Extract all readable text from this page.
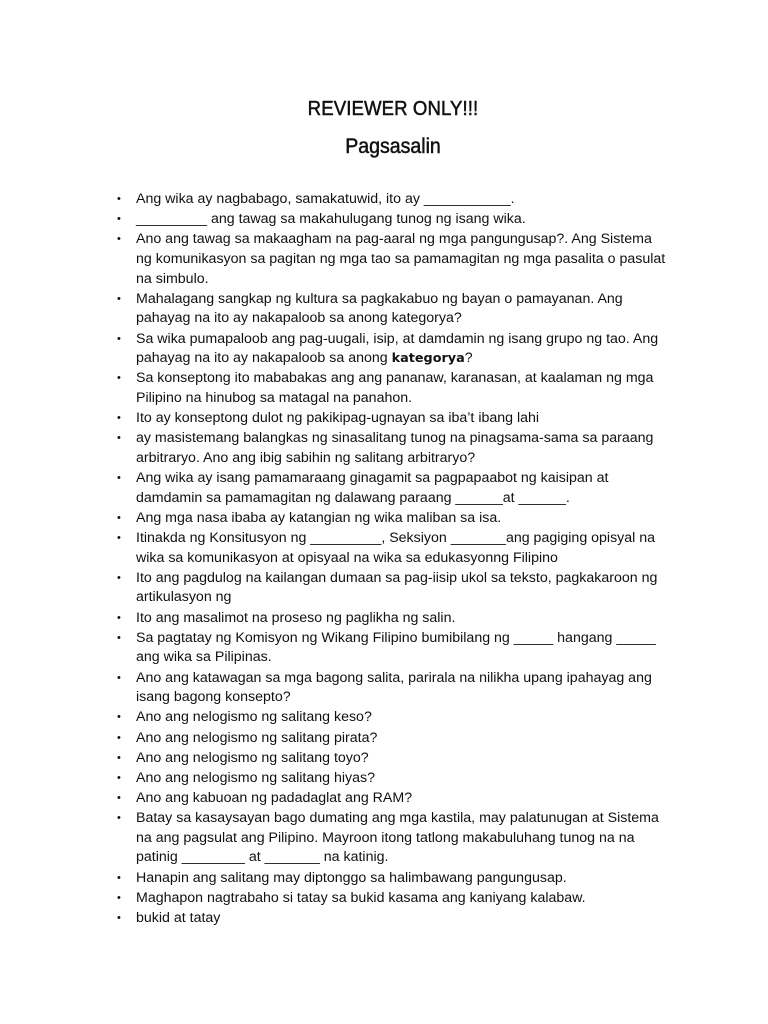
REVIEWER ONLY!!!
Pagsasalin
• Ang wika ay nagbabago, samakatuwid, ito ay ___________.
• _________ ang tawag sa makahulugang tunog ng isang wika.
• Ano ang tawag sa makaagham na pag-aaral ng mga pangungusap?. Ang Sistema ng komunikasyon sa pagitan ng mga tao sa pamamagitan ng mga pasalita o pasulat na simbulo.
• Mahalagang sangkap ng kultura sa pagkakabuo ng bayan o pamayanan. Ang pahayag na ito ay nakapaloob sa anong kategorya?
• Sa wika pumapaloob ang pag-uugali, isip, at damdamin ng isang grupo ng tao. Ang pahayag na ito ay nakapaloob sa anong kategorya?
• Sa konseptong ito mababakas ang ang pananaw, karanasan, at kaalaman ng mga Pilipino na hinubog sa matagal na panahon.
• Ito ay konseptong dulot ng pakikipag-ugnayan sa iba’t ibang lahi
• ay masistemang balangkas ng sinasalitang tunog na pinagsama-sama sa paraang arbitraryo. Ano ang ibig sabihin ng salitang arbitraryo?
• Ang wika ay isang pamamaraang ginagamit sa pagpapaabot ng kaisipan at damdamin sa pamamagitan ng dalawang paraang ______at ______.
• Ang mga nasa ibaba ay katangian ng wika maliban sa isa.
• Itinakda ng Konsitusyon ng _________, Seksiyon _______ang pagiging opisyal na wika sa komunikasyon at opisyaal na wika sa edukasyonng Filipino
• Ito ang pagdulog na kailangan dumaan sa pag-iisip ukol sa teksto, pagkakaroon ng artikulasyon ng
• Ito ang masalimot na proseso ng paglikha ng salin.
• Sa pagtatay ng Komisyon ng Wikang Filipino bumibilang ng _____ hangang _____ ang wika sa Pilipinas.
• Ano ang katawagan sa mga bagong salita, parirala na nilikha upang ipahayag ang isang bagong konsepto?
• Ano ang nelogismo ng salitang keso?
• Ano ang nelogismo ng salitang pirata?
• Ano ang nelogismo ng salitang toyo?
• Ano ang nelogismo ng salitang hiyas?
• Ano ang kabuoan ng padadaglat ang RAM?
• Batay sa kasaysayan bago dumating ang mga kastila, may palatunugan at Sistema na ang pagsulat ang Pilipino. Mayroon itong tatlong makabuluhang tunog na na patinig ________ at _______ na katinig.
• Hanapin ang salitang may diptonggo sa halimbawang pangungusap.
• Maghapon nagtrabaho si tatay sa bukid kasama ang kaniyang kalabaw.
• bukid at tatay
